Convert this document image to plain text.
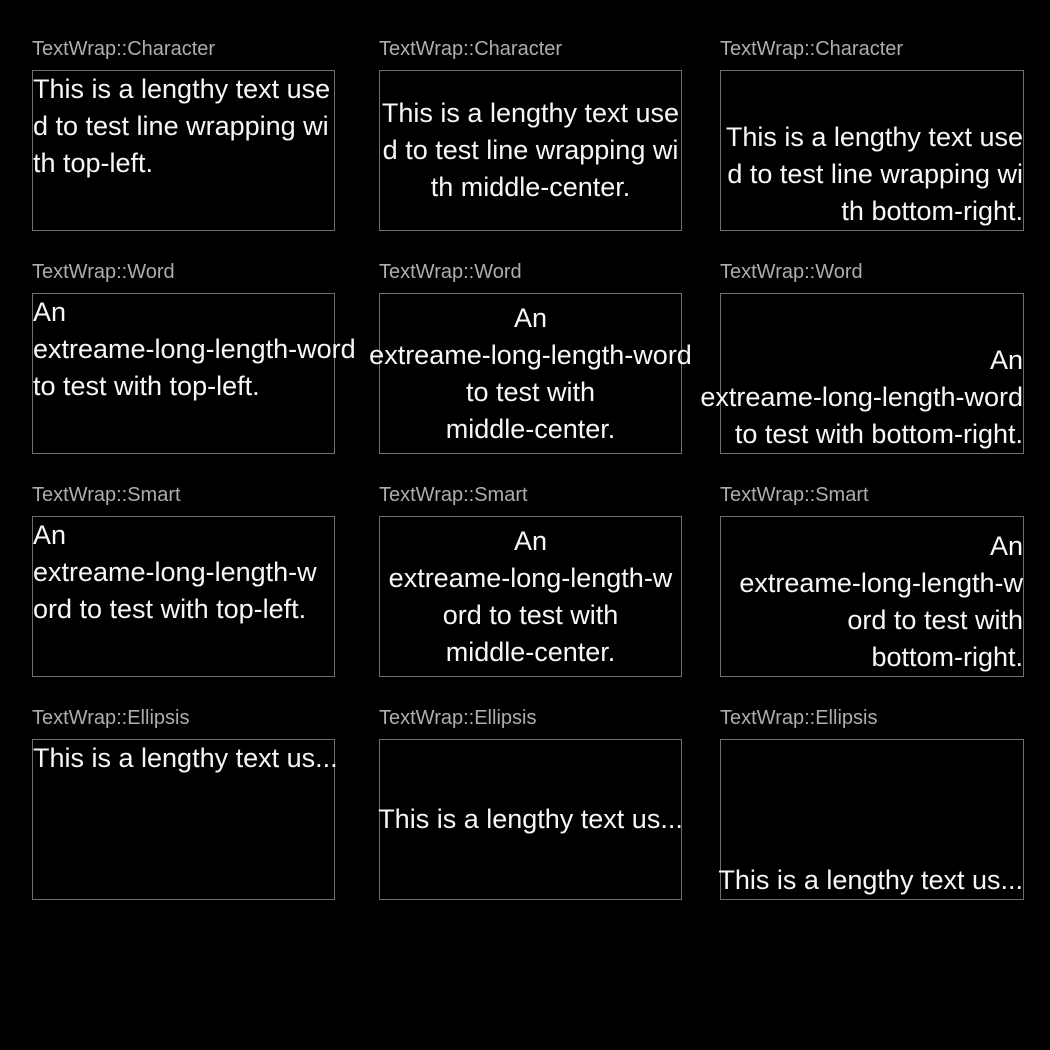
TextWrap::Character
This is a lengthy text use
d to test line wrapping wi
th top-left.
TextWrap::Character
This is a lengthy text use
d to test line wrapping wi
th middle-center.
TextWrap::Character
This is a lengthy text use
d to test line wrapping wi
th bottom-right.
TextWrap::Word
An
extreame-long-length-word
to test with top-left.
TextWrap::Word
An
extreame-long-length-word
to test with
middle-center.
TextWrap::Word
An
extreame-long-length-word
to test with bottom-right.
TextWrap::Smart
An
extreame-long-length-w
ord to test with top-left.
TextWrap::Smart
An
extreame-long-length-w
ord to test with
middle-center.
TextWrap::Smart
An
extreame-long-length-w
ord to test with
bottom-right.
TextWrap::Ellipsis
This is a lengthy text us...
TextWrap::Ellipsis
This is a lengthy text us...
TextWrap::Ellipsis
This is a lengthy text us...
